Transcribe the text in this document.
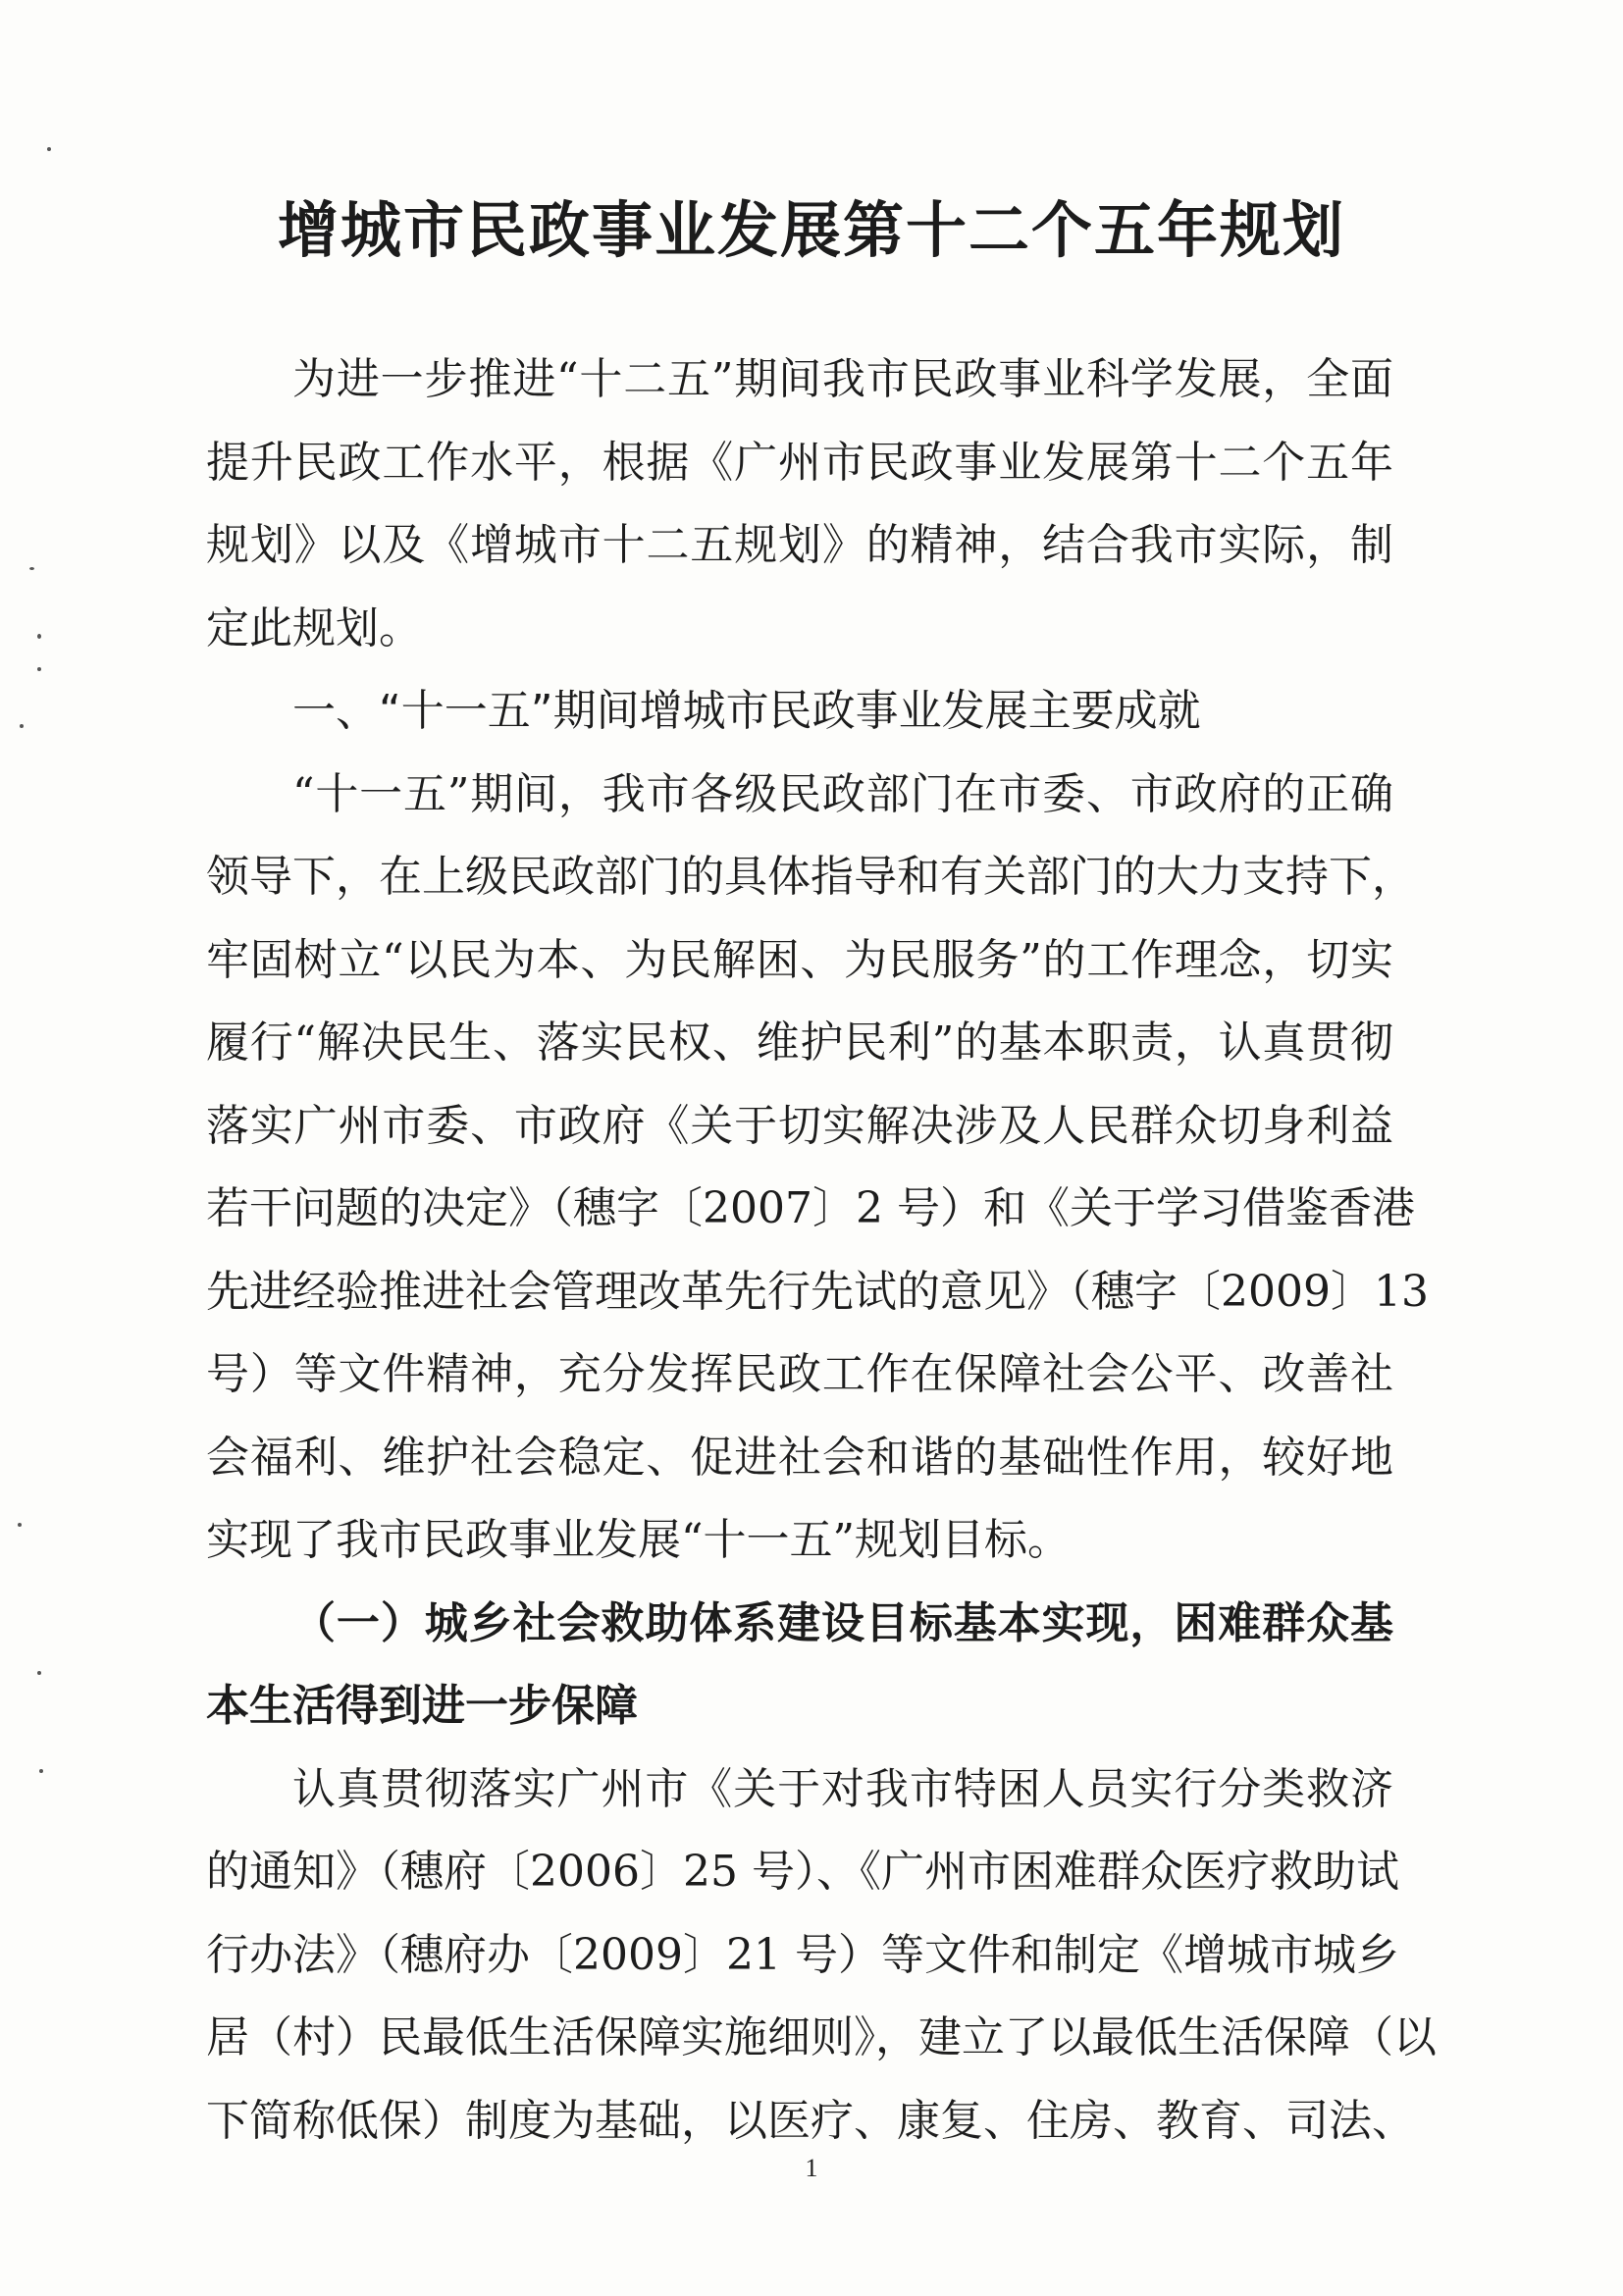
增城市民政事业发展第十二个五年规划
为进一步推进“十二五”期间我市民政事业科学发展，全面
提升民政工作水平，根据《广州市民政事业发展第十二个五年
规划》以及《增城市十二五规划》的精神，结合我市实际，制
定此规划。
一、“十一五”期间增城市民政事业发展主要成就
“十一五”期间，我市各级民政部门在市委、市政府的正确
领导下，在上级民政部门的具体指导和有关部门的大力支持下，
牢固树立“以民为本、为民解困、为民服务”的工作理念，切实
履行“解决民生、落实民权、维护民利”的基本职责，认真贯彻
落实广州市委、市政府《关于切实解决涉及人民群众切身利益
若干问题的决定》（穗字〔2007〕2 号）和《关于学习借鉴香港
先进经验推进社会管理改革先行先试的意见》（穗字〔2009〕13
号）等文件精神，充分发挥民政工作在保障社会公平、改善社
会福利、维护社会稳定、促进社会和谐的基础性作用，较好地
实现了我市民政事业发展“十一五”规划目标。
（一）城乡社会救助体系建设目标基本实现，困难群众基
本生活得到进一步保障
认真贯彻落实广州市《关于对我市特困人员实行分类救济
的通知》（穗府〔2006〕25 号）、《广州市困难群众医疗救助试
行办法》（穗府办〔2009〕21 号）等文件和制定《增城市城乡
居（村）民最低生活保障实施细则》，建立了以最低生活保障（以
下简称低保）制度为基础，以医疗、康复、住房、教育、司法、
1
